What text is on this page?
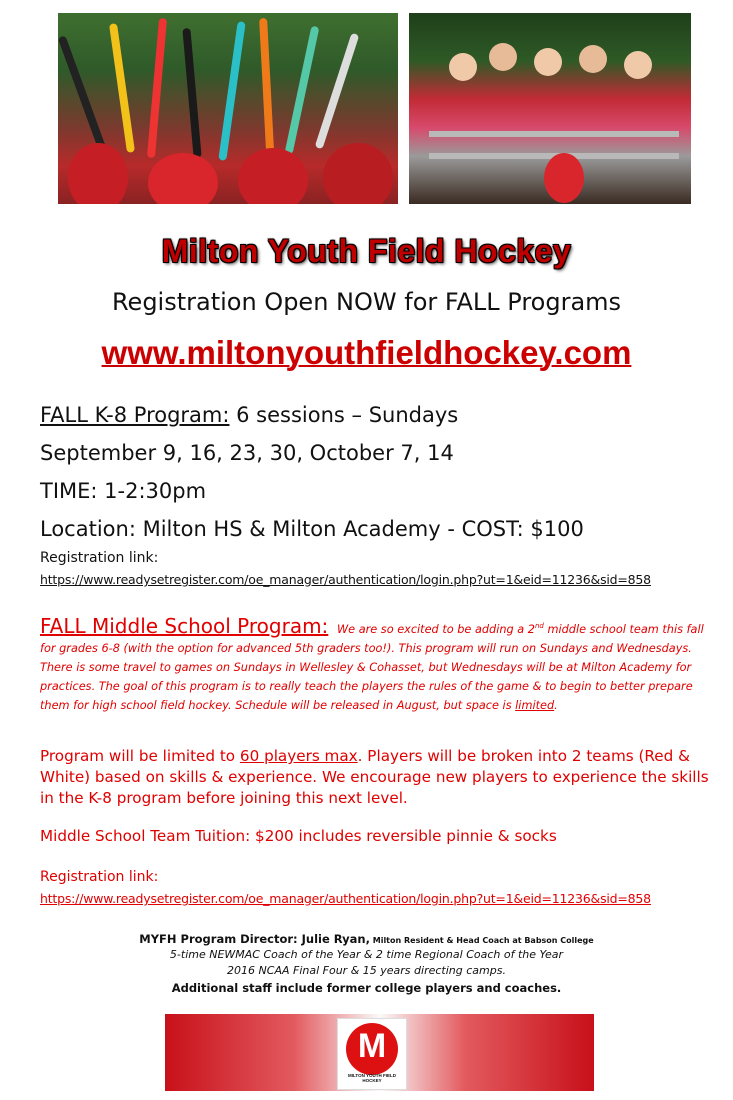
Milton Youth Field Hockey
Registration Open NOW for FALL Programs
www.miltonyouthfieldhockey.com
FALL K-8 Program: 6 sessions – Sundays
September 9, 16, 23, 30, October 7, 14
TIME: 1-2:30pm
Location: Milton HS & Milton Academy - COST: $100
Registration link:
https://www.readysetregister.com/oe_manager/authentication/login.php?ut=1&eid=11236&sid=858
FALL Middle School Program: We are so excited to be adding a 2nd middle school team this fall for grades 6-8 (with the option for advanced 5th graders too!). This program will run on Sundays and Wednesdays. There is some travel to games on Sundays in Wellesley & Cohasset, but Wednesdays will be at Milton Academy for practices. The goal of this program is to really teach the players the rules of the game & to begin to better prepare them for high school field hockey. Schedule will be released in August, but space is limited.
Program will be limited to 60 players max. Players will be broken into 2 teams (Red & White) based on skills & experience. We encourage new players to experience the skills in the K-8 program before joining this next level.
Middle School Team Tuition: $200 includes reversible pinnie & socks
Registration link:
https://www.readysetregister.com/oe_manager/authentication/login.php?ut=1&eid=11236&sid=858
MYFH Program Director: Julie Ryan, Milton Resident & Head Coach at Babson College
5-time NEWMAC Coach of the Year & 2 time Regional Coach of the Year
2016 NCAA Final Four & 15 years directing camps.
Additional staff include former college players and coaches.
M
MILTON YOUTH FIELD HOCKEY
